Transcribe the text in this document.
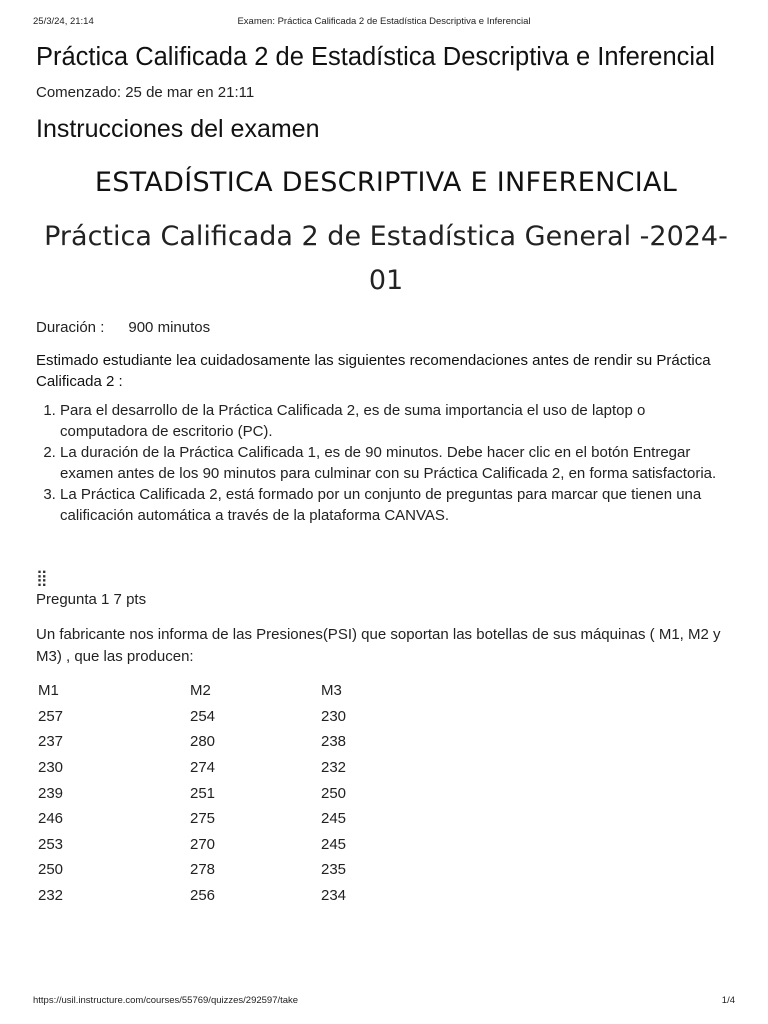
25/3/24, 21:14	Examen: Práctica Calificada 2 de Estadística Descriptiva e Inferencial
Práctica Calificada 2 de Estadística Descriptiva e Inferencial
Comenzado: 25 de mar en 21:11
Instrucciones del examen
ESTADÍSTICA DESCRIPTIVA E INFERENCIAL
Práctica Calificada 2 de Estadística General -2024-01
Duración : 900 minutos
Estimado estudiante lea cuidadosamente las siguientes recomendaciones antes de rendir su Práctica Calificada 2 :
1. Para el desarrollo de la Práctica Calificada 2, es de suma importancia el uso de laptop o computadora de escritorio (PC).
2. La duración de la Práctica Calificada 1, es de 90 minutos. Debe hacer clic en el botón Entregar examen antes de los 90 minutos para culminar con su Práctica Calificada 2, en forma satisfactoria.
3. La Práctica Calificada 2, está formado por un conjunto de preguntas para marcar que tienen una calificación automática a través de la plataforma CANVAS.
⣿
Pregunta 1 7 pts
Un fabricante nos informa de las Presiones(PSI) que soportan las botellas de sus máquinas ( M1, M2 y M3) , que las producen:
M1	M2	M3
257	254	230
237	280	238
230	274	232
239	251	250
246	275	245
253	270	245
250	278	235
232	256	234
https://usil.instructure.com/courses/55769/quizzes/292597/take	1/4
